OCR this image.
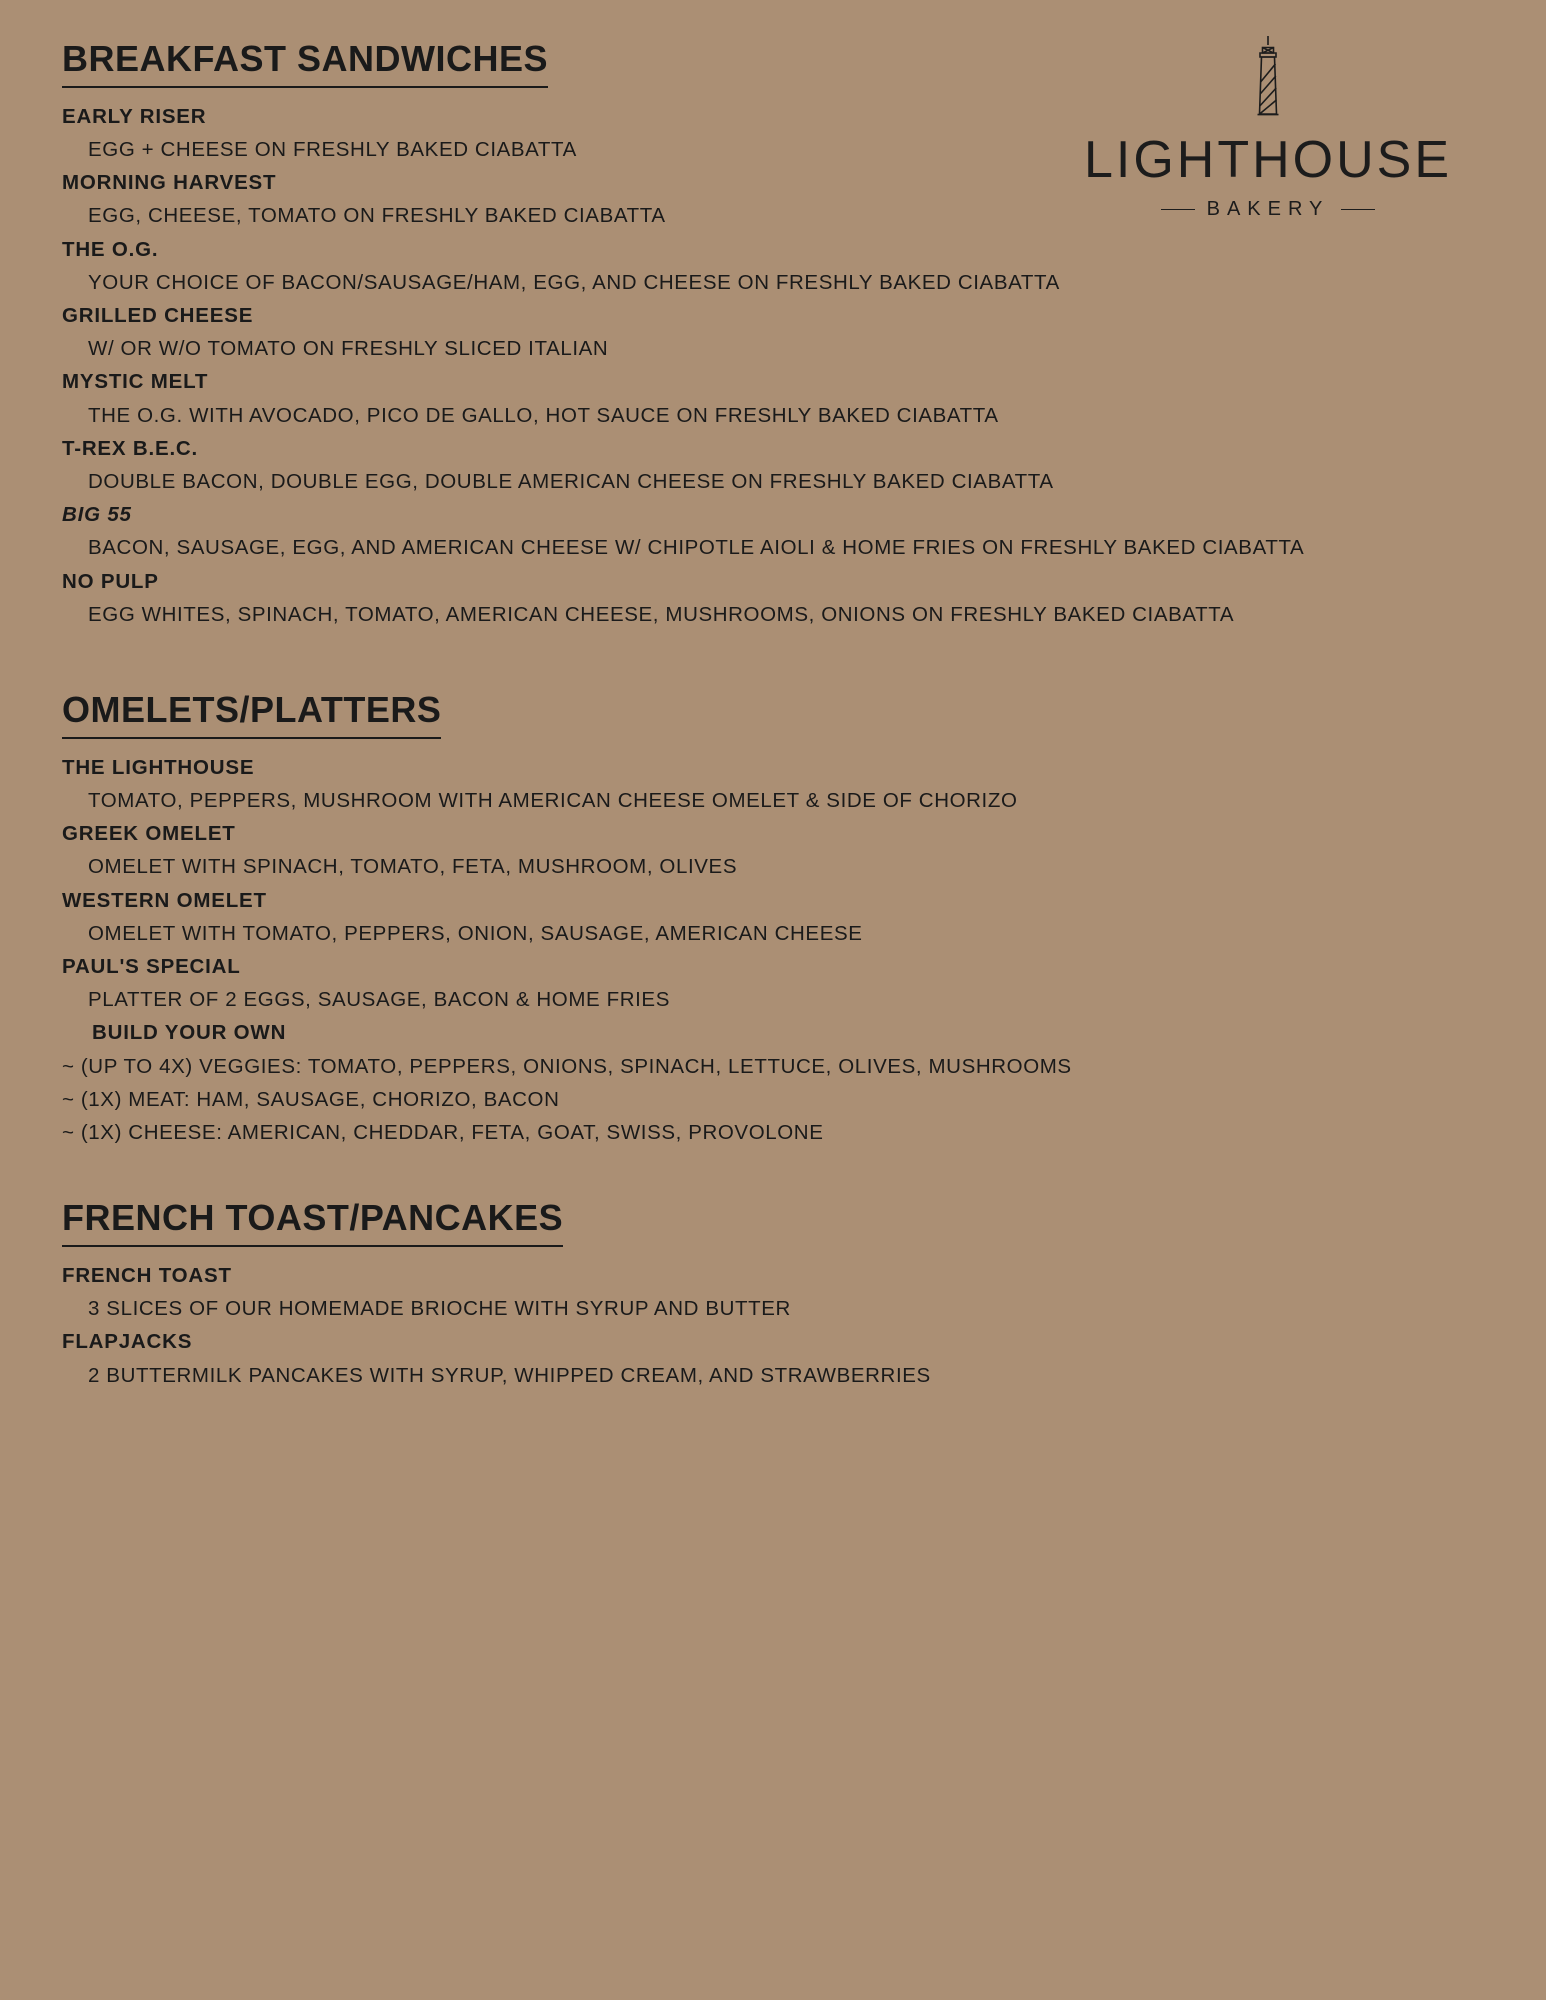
LIGHTHOUSE
BAKERY
BREAKFAST SANDWICHES
EARLY RISER
EGG + CHEESE ON FRESHLY BAKED CIABATTA
MORNING HARVEST
EGG, CHEESE, TOMATO ON FRESHLY BAKED CIABATTA
THE O.G.
YOUR CHOICE OF BACON/SAUSAGE/HAM, EGG, AND CHEESE ON FRESHLY BAKED CIABATTA
GRILLED CHEESE
W/ OR W/O TOMATO ON FRESHLY SLICED ITALIAN
MYSTIC MELT
THE O.G. WITH AVOCADO, PICO DE GALLO, HOT SAUCE ON FRESHLY BAKED CIABATTA
T-REX B.E.C.
DOUBLE BACON, DOUBLE EGG, DOUBLE AMERICAN CHEESE ON FRESHLY BAKED CIABATTA
BIG 55
BACON, SAUSAGE, EGG, AND AMERICAN CHEESE W/ CHIPOTLE AIOLI & HOME FRIES ON FRESHLY BAKED CIABATTA
NO PULP
EGG WHITES, SPINACH, TOMATO, AMERICAN CHEESE, MUSHROOMS, ONIONS ON FRESHLY BAKED CIABATTA
OMELETS/PLATTERS
THE LIGHTHOUSE
TOMATO, PEPPERS, MUSHROOM WITH AMERICAN CHEESE OMELET & SIDE OF CHORIZO
GREEK OMELET
OMELET WITH SPINACH, TOMATO, FETA, MUSHROOM, OLIVES
WESTERN OMELET
OMELET WITH TOMATO, PEPPERS, ONION, SAUSAGE, AMERICAN CHEESE
PAUL'S SPECIAL
PLATTER OF 2 EGGS, SAUSAGE, BACON & HOME FRIES
BUILD YOUR OWN
~ (UP TO 4X) VEGGIES: TOMATO, PEPPERS, ONIONS, SPINACH, LETTUCE, OLIVES, MUSHROOMS
~ (1X) MEAT: HAM, SAUSAGE, CHORIZO, BACON
~ (1X) CHEESE: AMERICAN, CHEDDAR, FETA, GOAT, SWISS, PROVOLONE
FRENCH TOAST/PANCAKES
FRENCH TOAST
3 SLICES OF OUR HOMEMADE BRIOCHE WITH SYRUP AND BUTTER
FLAPJACKS
2 BUTTERMILK PANCAKES WITH SYRUP, WHIPPED CREAM, AND STRAWBERRIES
